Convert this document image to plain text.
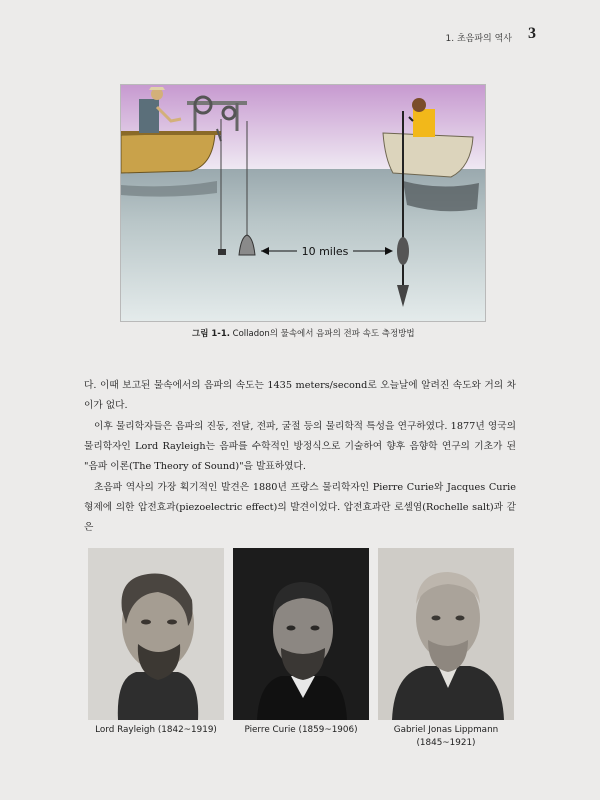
1. 초음파의 역사 3
10 miles
그림 1-1. Colladon의 물속에서 음파의 전파 속도 측정방법

다. 이때 보고된 물속에서의 음파의 속도는 1435 meters/second로 오늘날에 알려진 속도와 거의 차이가 없다.

이후 물리학자들은 음파의 진동, 전달, 전파, 굴절 등의 물리학적 특성을 연구하였다. 1877년 영국의 물리학자인 Lord Rayleigh는 음파를 수학적인 방정식으로 기술하여 향후 음향학 연구의 기초가 된 "음파 이론(The Theory of Sound)"을 발표하였다.

초음파 역사의 가장 획기적인 발견은 1880년 프랑스 물리학자인 Pierre Curie와 Jacques Curie 형제에 의한 압전효과(piezoelectric effect)의 발견이었다. 압전효과란 로셀염(Rochelle salt)과 같은

Lord Rayleigh (1842~1919)	Pierre Curie (1859~1906)	Gabriel Jonas Lippmann
(1845~1921)
